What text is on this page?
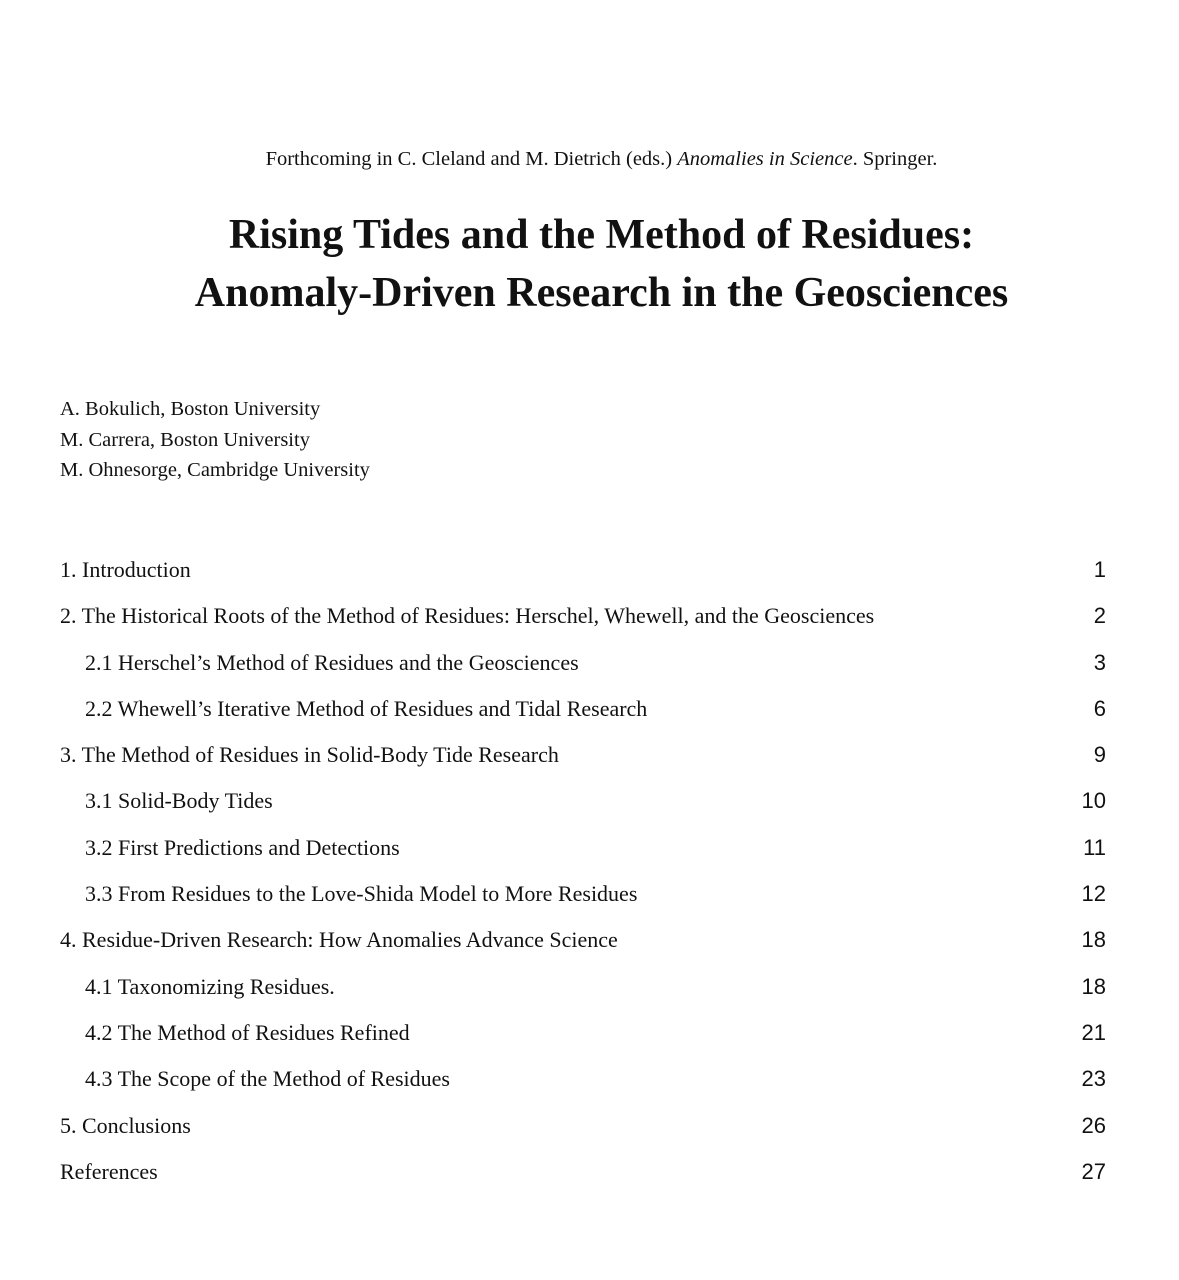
Forthcoming in C. Cleland and M. Dietrich (eds.) Anomalies in Science. Springer.
Rising Tides and the Method of Residues:
Anomaly-Driven Research in the Geosciences
A. Bokulich, Boston University
M. Carrera, Boston University
M. Ohnesorge, Cambridge University
1. Introduction	1
2. The Historical Roots of the Method of Residues: Herschel, Whewell, and the Geosciences	2
2.1 Herschel’s Method of Residues and the Geosciences	3
2.2 Whewell’s Iterative Method of Residues and Tidal Research	6
3. The Method of Residues in Solid-Body Tide Research	9
3.1 Solid-Body Tides	10
3.2 First Predictions and Detections	11
3.3 From Residues to the Love-Shida Model to More Residues	12
4. Residue-Driven Research: How Anomalies Advance Science	18
4.1 Taxonomizing Residues.	18
4.2 The Method of Residues Refined	21
4.3 The Scope of the Method of Residues	23
5. Conclusions	26
References	27
